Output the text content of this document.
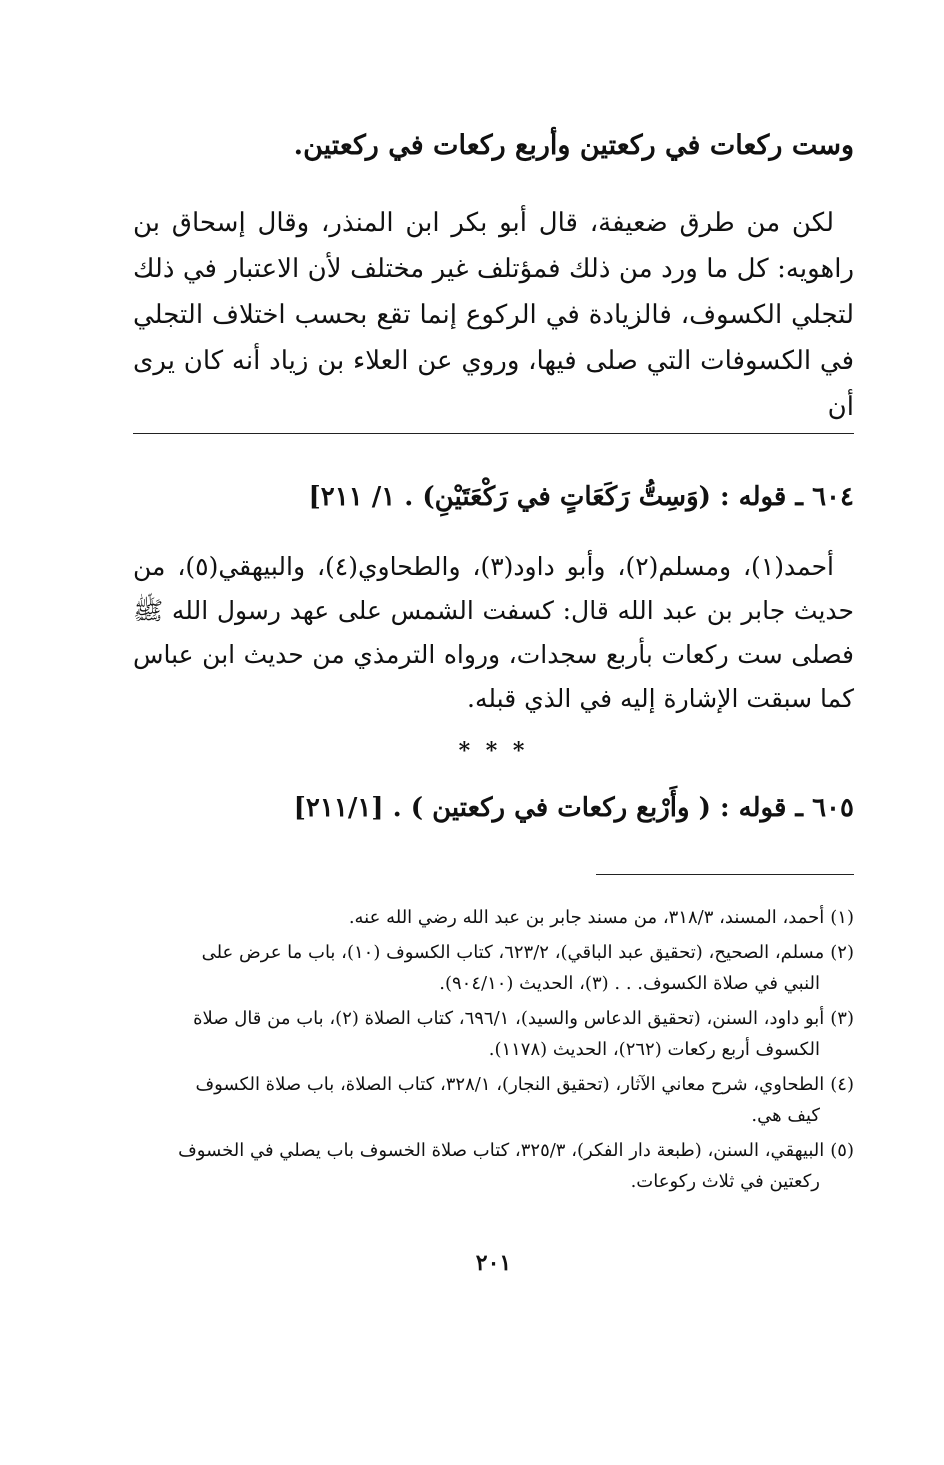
وست ركعات في ركعتين وأربع ركعات في ركعتين.
لكن من طرق ضعيفة، قال أبو بكر ابن المنذر، وقال إسحاق بن راهويه: كل ما ورد من ذلك فمؤتلف غير مختلف لأن الاعتبار في ذلك لتجلي الكسوف، فالزيادة في الركوع إنما تقع بحسب اختلاف التجلي في الكسوفات التي صلى فيها، وروي عن العلاء بن زياد أنه كان يرى أن
٦٠٤ ـ قوله : (وَسِتُّ رَكَعَاتٍ في رَكْعَتَيْنِ) . ١/ ٢١١]
أحمد(١)، ومسلم(٢)، وأبو داود(٣)، والطحاوي(٤)، والبيهقي(٥)، من حديث جابر بن عبد الله قال: كسفت الشمس على عهد رسول الله ﷺ فصلى ست ركعات بأربع سجدات، ورواه الترمذي من حديث ابن عباس كما سبقت الإشارة إليه في الذي قبله.
* * *
٦٠٥ ـ قوله : ( وأَرْبع ركعات في ركعتين ) . [٢١١/١]
(١)أحمد، المسند، ٣١٨/٣، من مسند جابر بن عبد الله رضي الله عنه.
(٢)مسلم، الصحيح، (تحقيق عبد الباقي)، ٦٢٣/٢، كتاب الكسوف (١٠)، باب ما عرض على
النبي في صلاة الكسوف. . . (٣)، الحديث (٩٠٤/١٠).
(٣)أبو داود، السنن، (تحقيق الدعاس والسيد)، ٦٩٦/١، كتاب الصلاة (٢)، باب من قال صلاة
الكسوف أربع ركعات (٢٦٢)، الحديث (١١٧٨).
(٤)الطحاوي، شرح معاني الآثار، (تحقيق النجار)، ٣٢٨/١، كتاب الصلاة، باب صلاة الكسوف
كيف هي.
(٥)البيهقي، السنن، (طبعة دار الفكر)، ٣٢٥/٣، كتاب صلاة الخسوف باب يصلي في الخسوف
ركعتين في ثلاث ركوعات.
٢٠١
